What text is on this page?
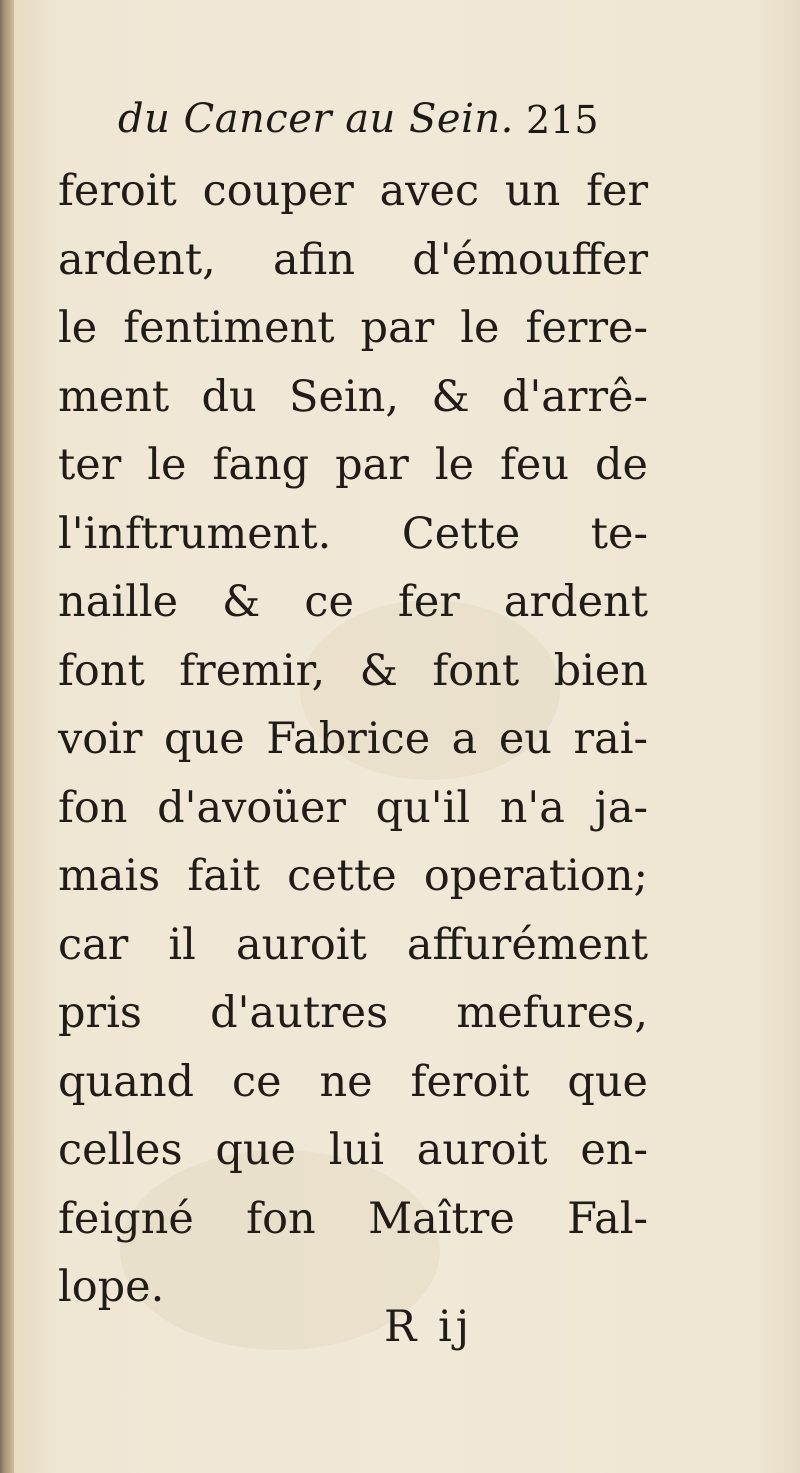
du Cancer au Sein. 215
feroit couper avec un fer
ardent, afin d'émouffer
le fentiment par le ferre-
ment du Sein, & d'arrê-
ter le fang par le feu de
l'inftrument. Cette te-
naille & ce fer ardent
font fremir, & font bien
voir que Fabrice a eu rai-
fon d'avoüer qu'il n'a ja-
mais fait cette operation;
car il auroit affurément
pris d'autres mefures,
quand ce ne feroit que
celles que lui auroit en-
feigné fon Maître Fal-
lope.
R ij
